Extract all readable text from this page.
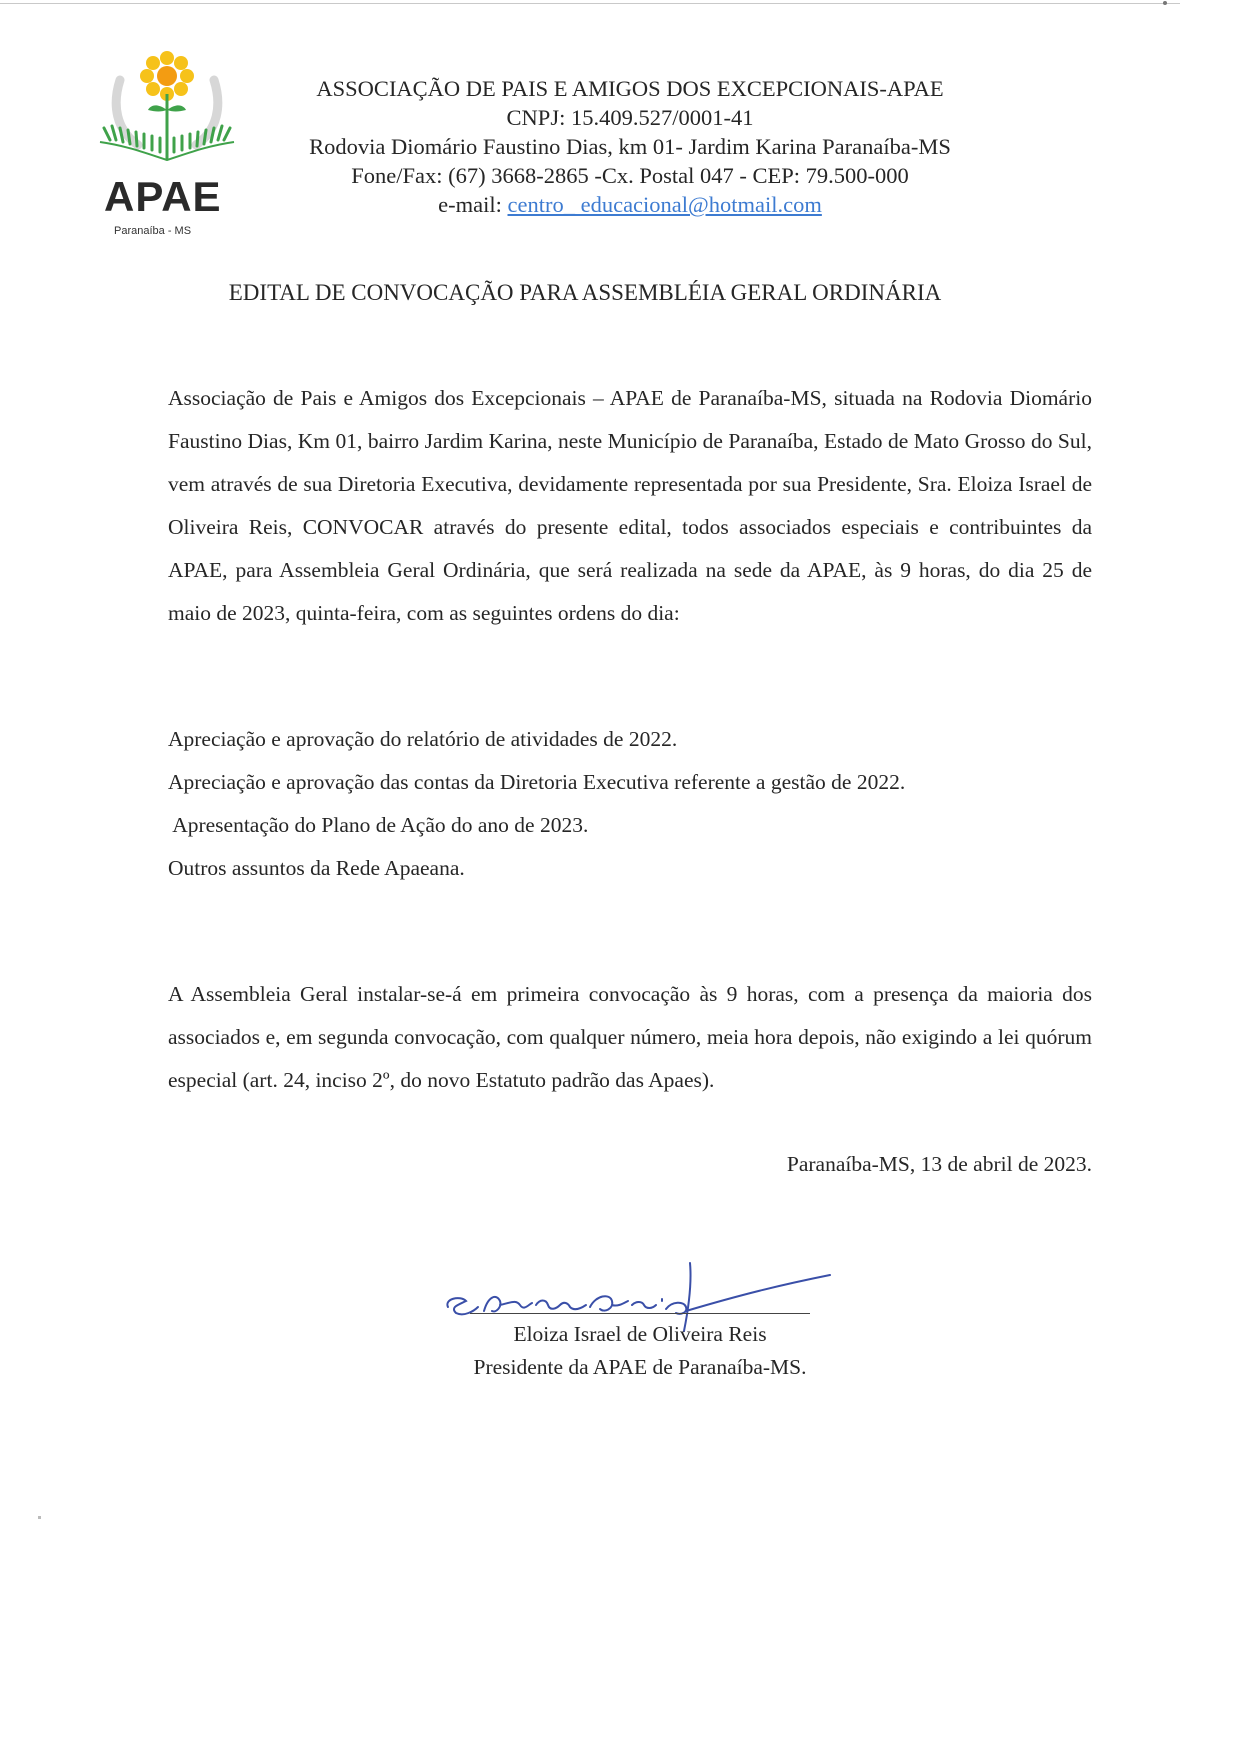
APAE
Paranaíba - MS
ASSOCIAÇÃO DE PAIS E AMIGOS DOS EXCEPCIONAIS-APAE
CNPJ: 15.409.527/0001-41
Rodovia Diomário Faustino Dias, km 01- Jardim Karina Paranaíba-MS
Fone/Fax: (67) 3668-2865 -Cx. Postal 047 - CEP: 79.500-000
e-mail: centro_ educacional@hotmail.com
EDITAL DE CONVOCAÇÃO PARA ASSEMBLÉIA GERAL ORDINÁRIA
Associação de Pais e Amigos dos Excepcionais – APAE de Paranaíba-MS, situada na Rodovia Diomário Faustino Dias, Km 01, bairro Jardim Karina, neste Município de Paranaíba, Estado de Mato Grosso do Sul, vem através de sua Diretoria Executiva, devidamente representada por sua Presidente, Sra. Eloiza Israel de Oliveira Reis, CONVOCAR através do presente edital, todos associados especiais e contribuintes da APAE, para Assembleia Geral Ordinária, que será realizada na sede da APAE, às 9 horas, do dia 25 de maio de 2023, quinta-feira, com as seguintes ordens do dia:
Apreciação e aprovação do relatório de atividades de 2022.
Apreciação e aprovação das contas da Diretoria Executiva referente a gestão de 2022.
Apresentação do Plano de Ação do ano de 2023.
Outros assuntos da Rede Apaeana.
A Assembleia Geral instalar-se-á em primeira convocação às 9 horas, com a presença da maioria dos associados e, em segunda convocação, com qualquer número, meia hora depois, não exigindo a lei quórum especial (art. 24, inciso 2º, do novo Estatuto padrão das Apaes).
Paranaíba-MS, 13 de abril de 2023.
Eloiza Israel de Oliveira Reis
Presidente da APAE de Paranaíba-MS.
